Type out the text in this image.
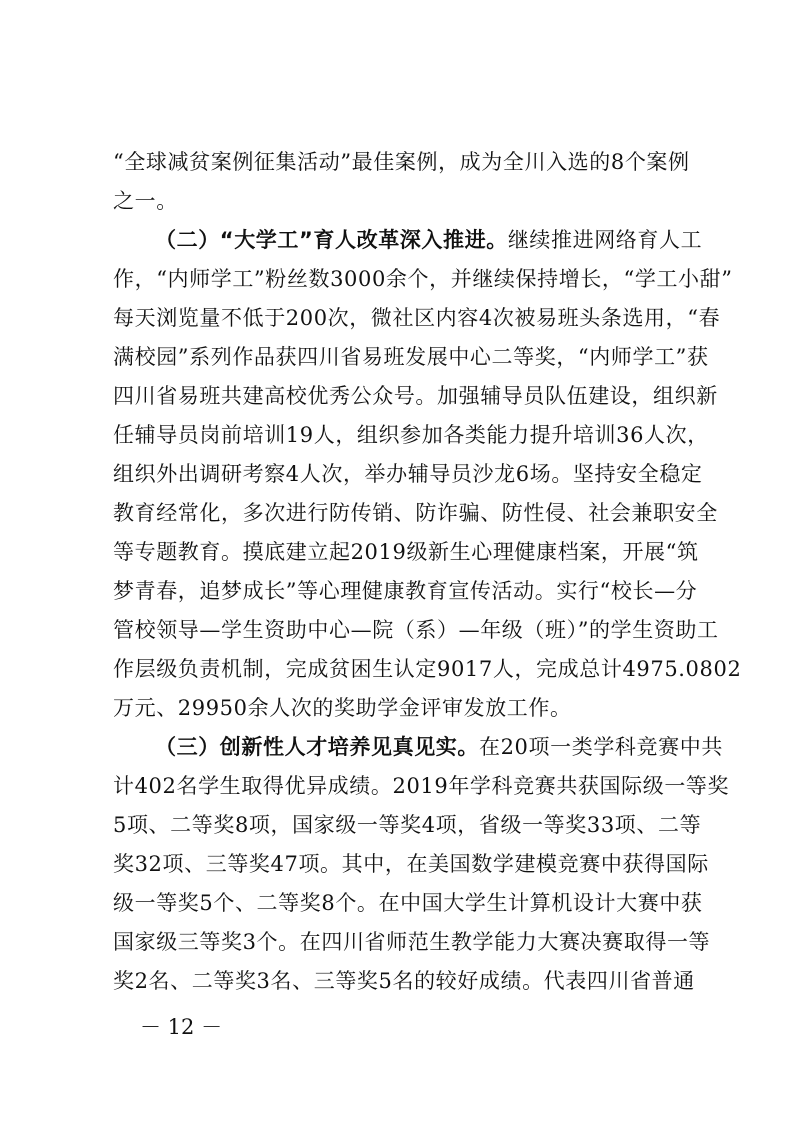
“全球减贫案例征集活动”最佳案例，成为全川入选的8个案例
之一。
（二）“大学工”育人改革深入推进。继续推进网络育人工
作，“内师学工”粉丝数3000余个，并继续保持增长，“学工小甜”
每天浏览量不低于200次，微社区内容4次被易班头条选用，“春
满校园”系列作品获四川省易班发展中心二等奖，“内师学工”获
四川省易班共建高校优秀公众号。加强辅导员队伍建设，组织新
任辅导员岗前培训19人，组织参加各类能力提升培训36人次，
组织外出调研考察4人次，举办辅导员沙龙6场。坚持安全稳定
教育经常化，多次进行防传销、防诈骗、防性侵、社会兼职安全
等专题教育。摸底建立起2019级新生心理健康档案，开展“筑
梦青春，追梦成长”等心理健康教育宣传活动。实行“校长—分
管校领导—学生资助中心—院（系）—年级（班）”的学生资助工
作层级负责机制，完成贫困生认定9017人，完成总计4975.0802
万元、29950余人次的奖助学金评审发放工作。
（三）创新性人才培养见真见实。在20项一类学科竞赛中共
计402名学生取得优异成绩。2019年学科竞赛共获国际级一等奖
5项、二等奖8项，国家级一等奖4项，省级一等奖33项、二等
奖32项、三等奖47项。其中，在美国数学建模竞赛中获得国际
级一等奖5个、二等奖8个。在中国大学生计算机设计大赛中获
国家级三等奖3个。在四川省师范生教学能力大赛决赛取得一等
奖2名、二等奖3名、三等奖5名的较好成绩。代表四川省普通
－ 12 －
